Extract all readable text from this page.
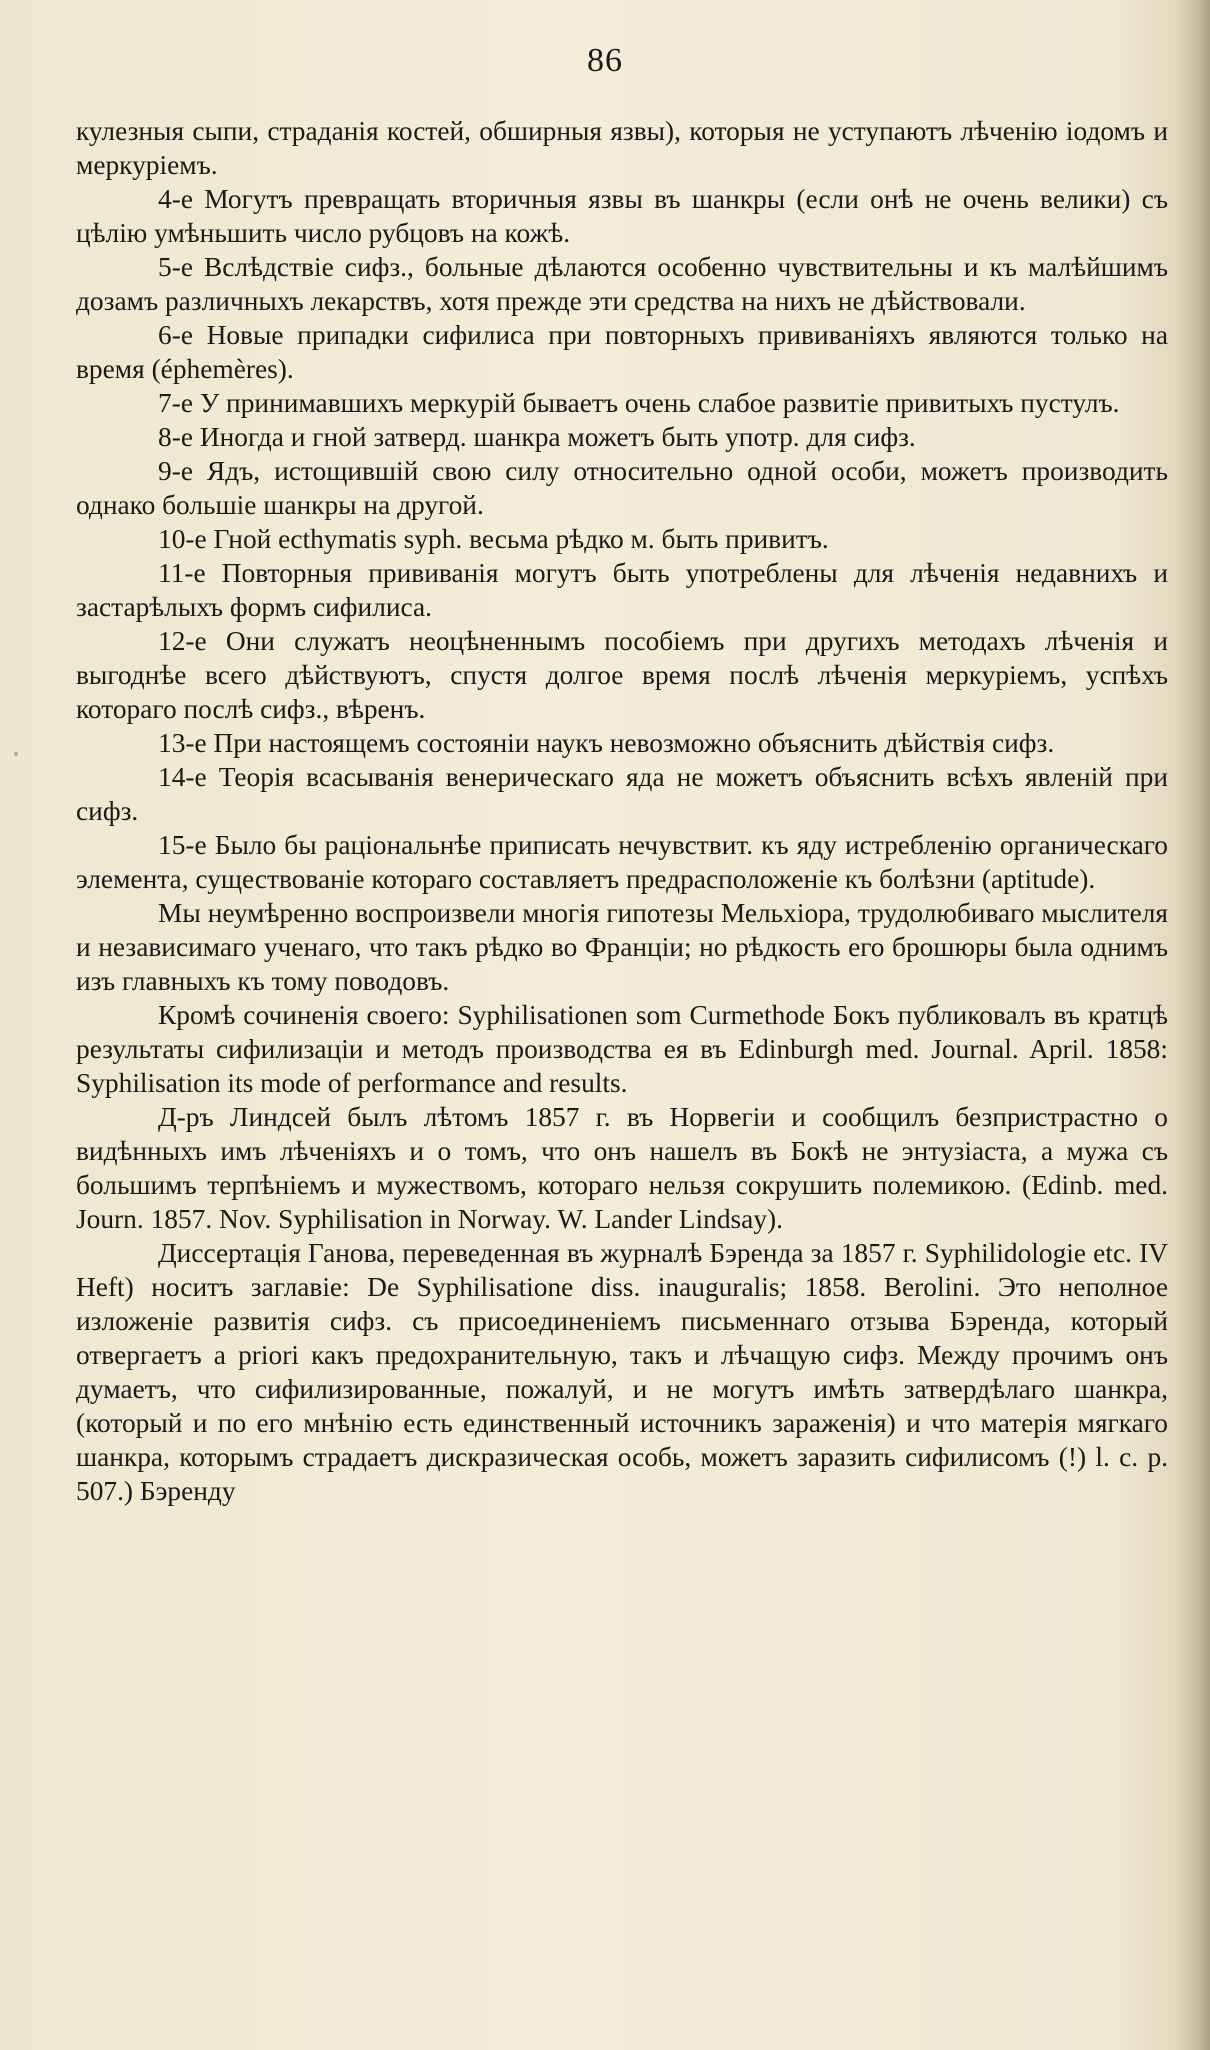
86

кулезныя сыпи, страданія костей, обширныя язвы), которыя не уступаютъ лѣченію іодомъ и меркуріемъ.

4-е Могутъ превращать вторичныя язвы въ шанкры (если онѣ не очень велики) съ цѣлію умѣньшить число рубцовъ на кожѣ.

5-е Вслѣдствіе сифз., больные дѣлаются особенно чувствительны и къ малѣйшимъ дозамъ различныхъ лекарствъ, хотя прежде эти средства на нихъ не дѣйствовали.

6-е Новые припадки сифилиса при повторныхъ прививаніяхъ являются только на время (éphemères).

7-е У принимавшихъ меркурій бываетъ очень слабое развитіе привитыхъ пустулъ.

8-е Иногда и гной затверд. шанкра можетъ быть употр. для сифз.

9-е Ядъ, истощившій свою силу относительно одной особи, можетъ производить однако большіе шанкры на другой.

10-е Гной ecthymatis syph. весьма рѣдко м. быть привитъ.

11-е Повторныя прививанія могутъ быть употреблены для лѣченія недавнихъ и застарѣлыхъ формъ сифилиса.

12-е Они служатъ неоцѣненнымъ пособіемъ при другихъ методахъ лѣченія и выгоднѣе всего дѣйствуютъ, спустя долгое время послѣ лѣченія меркуріемъ, успѣхъ котораго послѣ сифз., вѣренъ.

13-е При настоящемъ состояніи наукъ невозможно объяснить дѣйствія сифз.

14-е Теорія всасыванія венерическаго яда не можетъ объяснить всѣхъ явленій при сифз.

15-е Было бы раціональнѣе приписать нечувствит. къ яду истребленію органическаго элемента, существованіе котораго составляетъ предрасположеніе къ болѣзни (aptitude).

Мы неумѣренно воспроизвели многія гипотезы Мельхіора, трудолюбиваго мыслителя и независимаго ученаго, что такъ рѣдко во Франціи; но рѣдкость его брошюры была однимъ изъ главныхъ къ тому поводовъ.

Кромѣ сочиненія своего: Syphilisationen som Curmethode Бокъ публиковалъ въ кратцѣ результаты сифилизаціи и методъ производства ея въ Edinburgh med. Journal. April. 1858: Syphilisation its mode of performance and results.

Д-ръ Линдсей былъ лѣтомъ 1857 г. въ Норвегіи и сообщилъ безпристрастно о видѣнныхъ имъ лѣченіяхъ и о томъ, что онъ нашелъ въ Бокѣ не энтузіаста, а мужа съ большимъ терпѣніемъ и мужествомъ, котораго нельзя сокрушить полемикою. (Edinb. med. Journ. 1857. Nov. Syphilisation in Norway. W. Lander Lindsay).

Диссертація Ганова, переведенная въ журналѣ Бэренда за 1857 г. Syphilidologie etc. IV Heft) носитъ заглавіе: De Syphilisatione diss. inauguralis; 1858. Berolini. Это неполное изложеніе развитія сифз. съ присоединеніемъ письменнаго отзыва Бэренда, который отвергаетъ a priori какъ предохранительную, такъ и лѣчащую сифз. Между прочимъ онъ думаетъ, что сифилизированные, пожалуй, и не могутъ имѣть затвердѣлаго шанкра, (который и по его мнѣнію есть единственный источникъ зараженія) и что матерія мягкаго шанкра, которымъ страдаетъ дискразическая особь, можетъ заразить сифилисомъ (!) l. c. p. 507.) Бэренду
